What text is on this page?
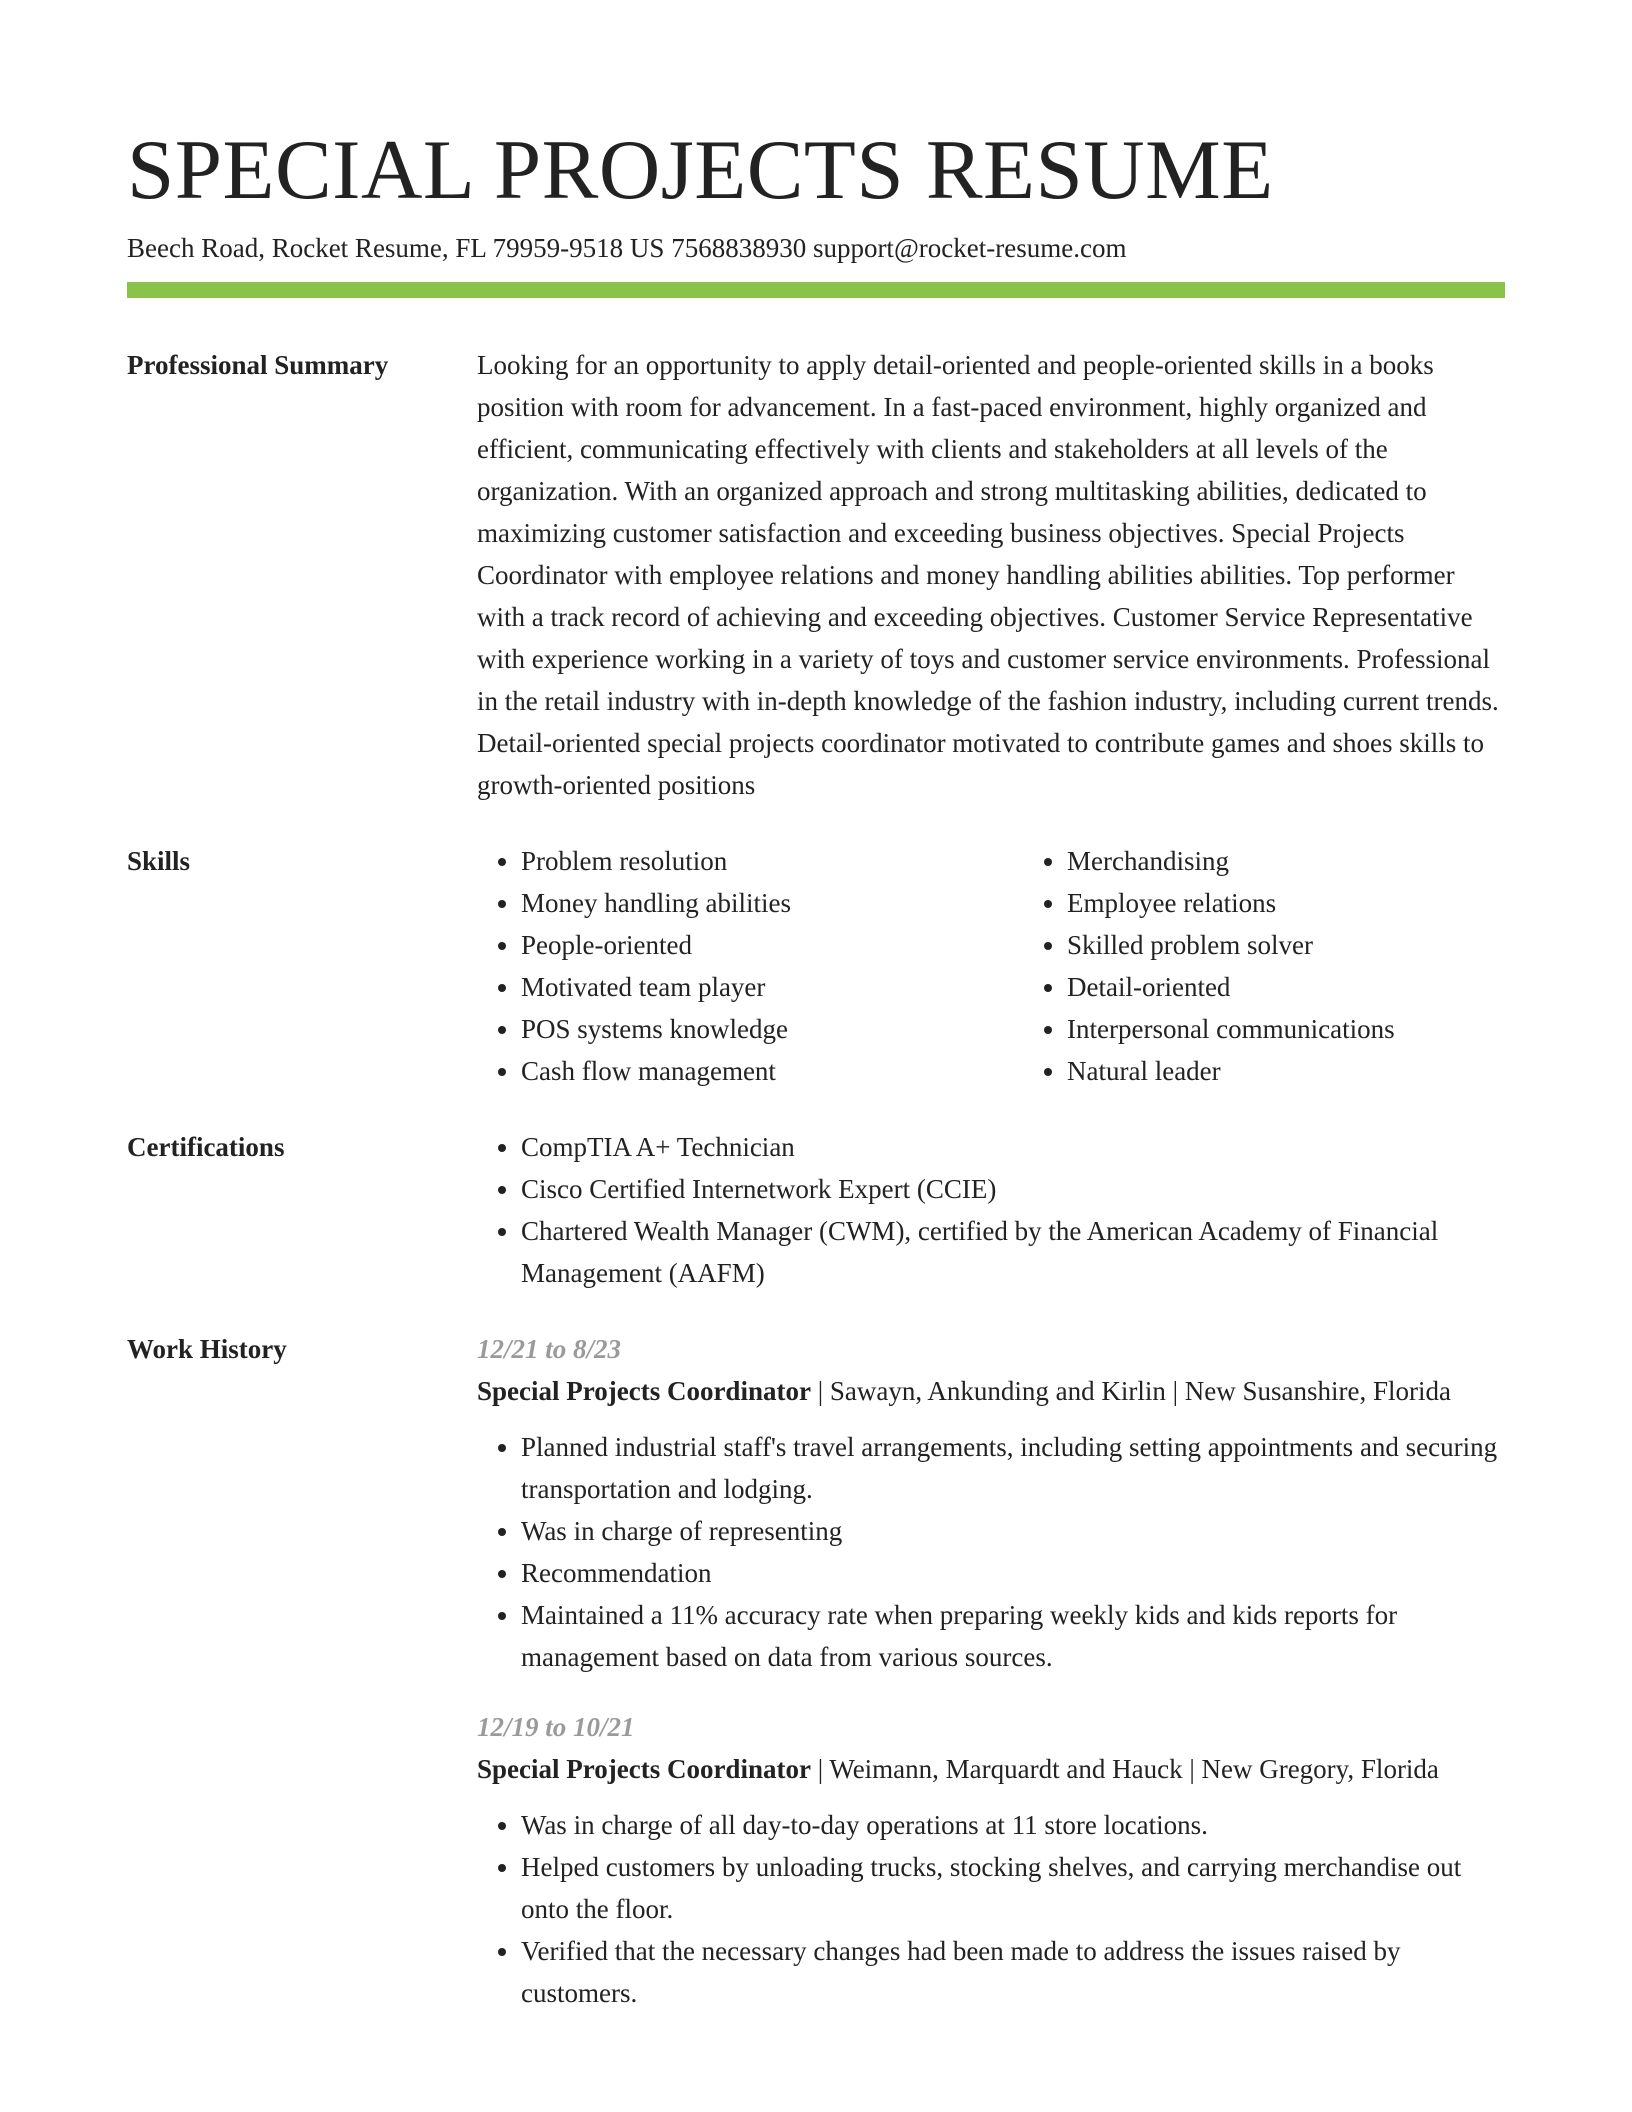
SPECIAL PROJECTS RESUME
Beech Road, Rocket Resume, FL 79959-9518 US 7568838930 support@rocket-resume.com
Professional Summary	Looking for an opportunity to apply detail-oriented and people-oriented skills in a books position with room for advancement. In a fast-paced environment, highly organized and efficient, communicating effectively with clients and stakeholders at all levels of the organization. With an organized approach and strong multitasking abilities, dedicated to maximizing customer satisfaction and exceeding business objectives. Special Projects Coordinator with employee relations and money handling abilities abilities. Top performer with a track record of achieving and exceeding objectives. Customer Service Representative with experience working in a variety of toys and customer service environments. Professional in the retail industry with in-depth knowledge of the fashion industry, including current trends. Detail-oriented special projects coordinator motivated to contribute games and shoes skills to growth-oriented positions

Skills	• Problem resolution
• Money handling abilities
• People-oriented
• Motivated team player
• POS systems knowledge
• Cash flow management
• Merchandising
• Employee relations
• Skilled problem solver
• Detail-oriented
• Interpersonal communications
• Natural leader
Certifications	• CompTIA A+ Technician
• Cisco Certified Internetwork Expert (CCIE)
• Chartered Wealth Manager (CWM), certified by the American Academy of Financial Management (AAFM)
Work History	12/21 to 8/23
Special Projects Coordinator | Sawayn, Ankunding and Kirlin | New Susanshire, Florida
• Planned industrial staff's travel arrangements, including setting appointments and securing transportation and lodging.
• Was in charge of representing
• Recommendation
• Maintained a 11% accuracy rate when preparing weekly kids and kids reports for management based on data from various sources.
12/19 to 10/21
Special Projects Coordinator | Weimann, Marquardt and Hauck | New Gregory, Florida
• Was in charge of all day-to-day operations at 11 store locations.
• Helped customers by unloading trucks, stocking shelves, and carrying merchandise out onto the floor.
• Verified that the necessary changes had been made to address the issues raised by customers.
